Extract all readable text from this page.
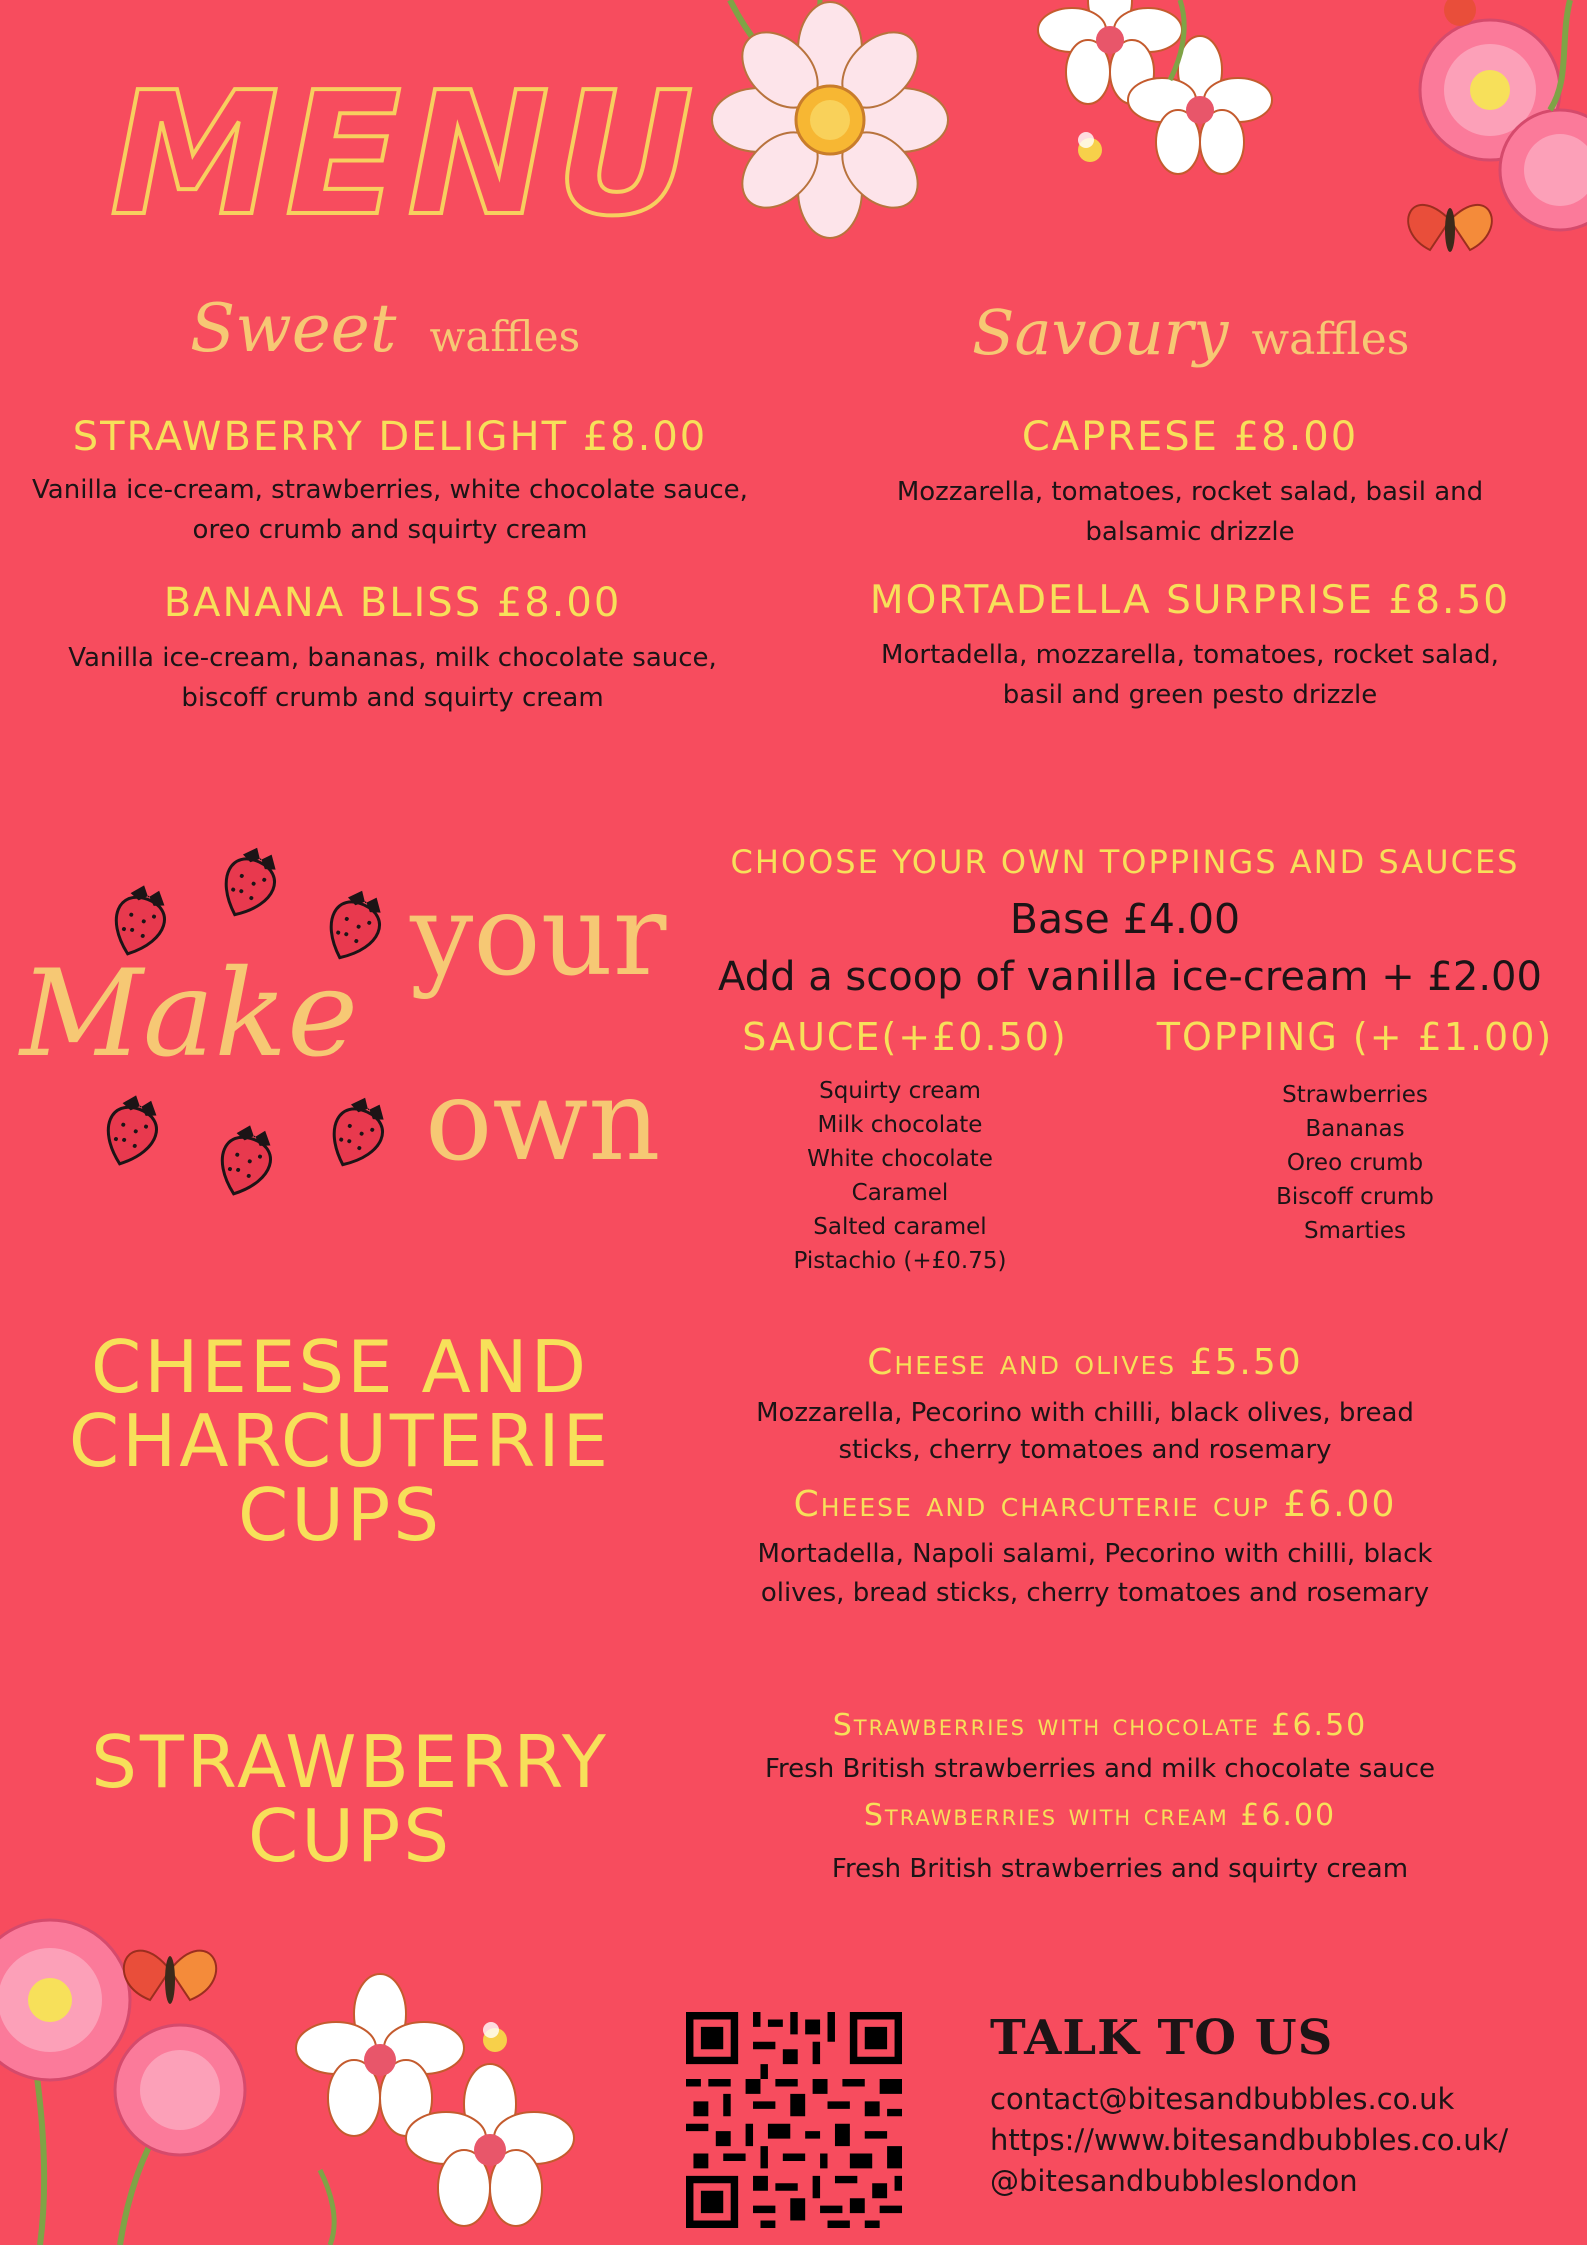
MENU
Sweet waffles	Savoury waffles
STRAWBERRY DELIGHT £8.00
Vanilla ice-cream, strawberries, white chocolate sauce,
oreo crumb and squirty cream
BANANA BLISS £8.00
Vanilla ice-cream, bananas, milk chocolate sauce,
biscoff crumb and squirty cream
CAPRESE £8.00
Mozzarella, tomatoes, rocket salad, basil and
balsamic drizzle
MORTADELLA SURPRISE £8.50
Mortadella, mozzarella, tomatoes, rocket salad,
basil and green pesto drizzle
Make
your
own
CHOOSE YOUR OWN TOPPINGS AND SAUCES
Base £4.00
Add a scoop of vanilla ice-cream + £2.00
SAUCE(+£0.50)	TOPPING (+ £1.00)
Squirty cream
Milk chocolate
White chocolate
Caramel
Salted caramel
Pistachio (+£0.75)
Strawberries
Bananas
Oreo crumb
Biscoff crumb
Smarties
CHEESE AND
CHARCUTERIE
CUPS
Cheese and olives £5.50
Mozzarella, Pecorino with chilli, black olives, bread
sticks, cherry tomatoes and rosemary
Cheese and charcuterie cup £6.00
Mortadella, Napoli salami, Pecorino with chilli, black
olives, bread sticks, cherry tomatoes and rosemary
STRAWBERRY
CUPS
Strawberries with chocolate £6.50
Fresh British strawberries and milk chocolate sauce
Strawberries with cream £6.00
Fresh British strawberries and squirty cream
TALK TO US
contact@bitesandbubbles.co.uk
https://www.bitesandbubbles.co.uk/
@bitesandbubbleslondon
